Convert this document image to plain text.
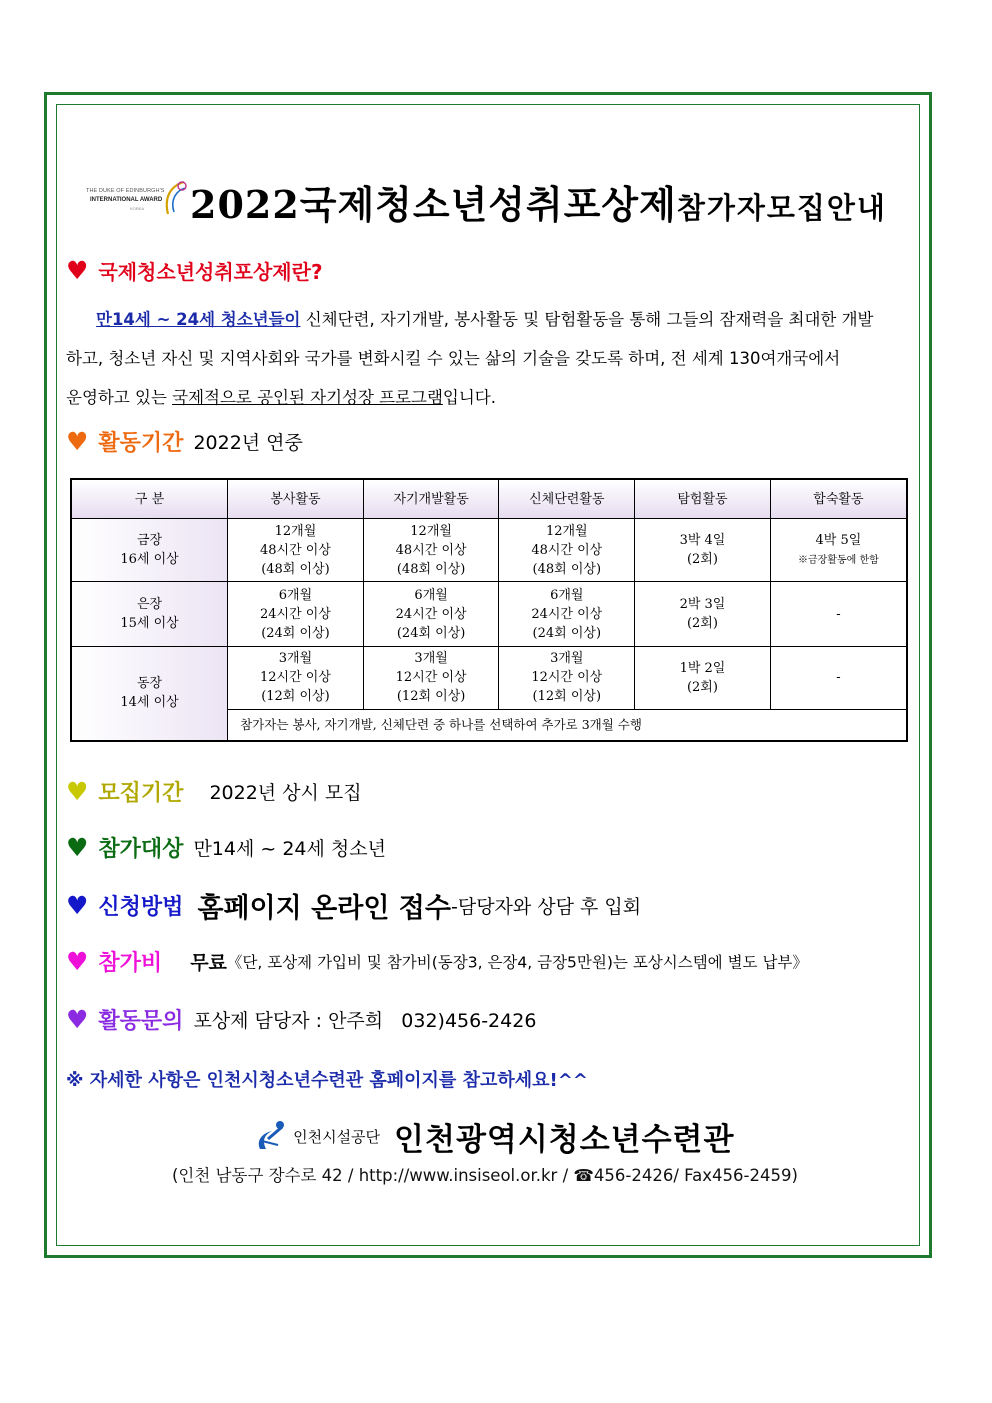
THE DUKE OF EDINBURGH'S
INTERNATIONAL AWARD
KOREA 2022국제청소년성취포상제참가자모집안내
♥ 국제청소년성취포상제란?
만14세 ~ 24세 청소년들이 신체단련, 자기개발, 봉사활동 및 탐험활동을 통해 그들의 잠재력을 최대한 개발
하고, 청소년 자신 및 지역사회와 국가를 변화시킬 수 있는 삶의 기술을 갖도록 하며, 전 세계 130여개국에서
운영하고 있는 국제적으로 공인된 자기성장 프로그램입니다.
♥ 활동기간 2022년 연중
구 분	봉사활동	자기개발활동	신체단련활동	탐험활동	합숙활동
금장
16세 이상	12개월
48시간 이상
(48회 이상)	12개월
48시간 이상
(48회 이상)	12개월
48시간 이상
(48회 이상)	3박 4일
(2회)	4박 5일
※금장활동에 한함
은장
15세 이상	6개월
24시간 이상
(24회 이상)	6개월
24시간 이상
(24회 이상)	6개월
24시간 이상
(24회 이상)	2박 3일
(2회)	-
동장
14세 이상	3개월
12시간 이상
(12회 이상)	3개월
12시간 이상
(12회 이상)	3개월
12시간 이상
(12회 이상)	1박 2일
(2회)	-
	참가자는 봉사, 자기개발, 신체단련 중 하나를 선택하여 추가로 3개월 수행				
♥ 모집기간 2022년 상시 모집
♥ 참가대상 만14세 ~ 24세 청소년
♥ 신청방법 홈페이지 온라인 접수-담당자와 상담 후 입회
♥ 참가비 무료《단, 포상제 가입비 및 참가비(동장3, 은장4, 금장5만원)는 포상시스템에 별도 납부》
♥ 활동문의 포상제 담당자 : 안주희   032)456-2426
※ 자세한 사항은 인천시청소년수련관 홈페이지를 참고하세요!^^
인천시설공단 인천광역시청소년수련관
(인천 남동구 장수로 42 / http://www.insiseol.or.kr / ☎456-2426/ Fax456-2459)
